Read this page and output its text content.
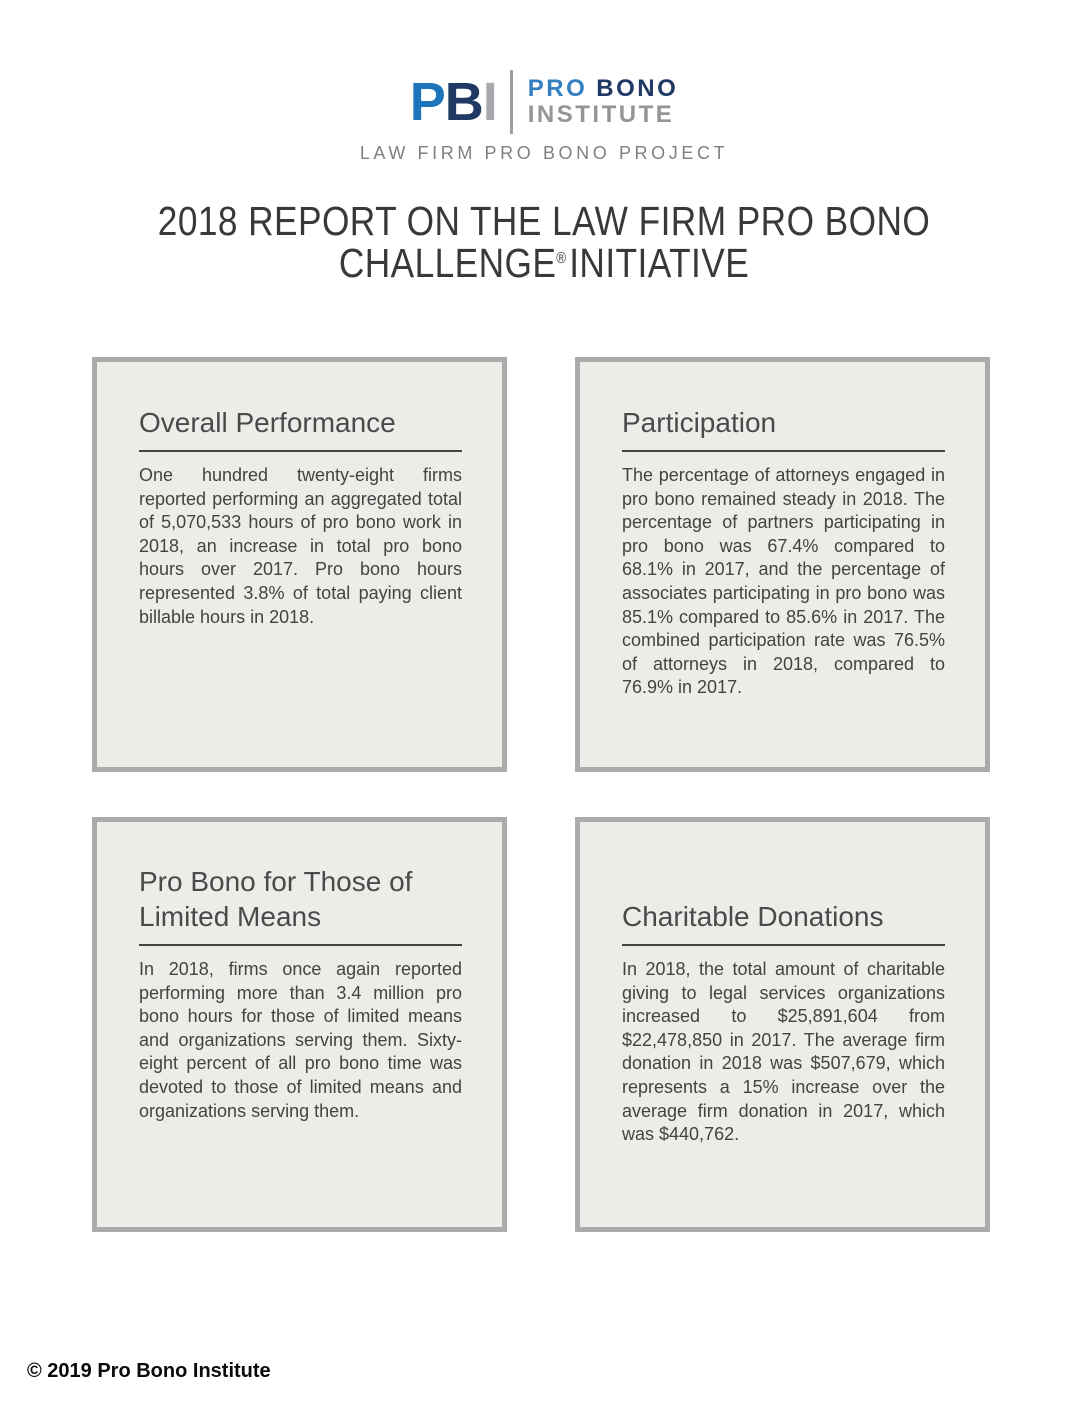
PBI PRO BONO
INSTITUTE
LAW FIRM PRO BONO PROJECT
2018 REPORT ON THE LAW FIRM PRO BONO
CHALLENGE®INITIATIVE
Overall Performance

One hundred twenty-eight firms reported performing an aggregated total of 5,070,533 hours of pro bono work in 2018, an increase in total pro bono hours over 2017. Pro bono hours represented 3.8% of total paying client billable hours in 2018.

Participation

The percentage of attorneys engaged in pro bono remained steady in 2018. The percentage of partners participating in pro bono was 67.4% compared to 68.1% in 2017, and the percentage of associates participating in pro bono was 85.1% compared to 85.6% in 2017. The combined participation rate was 76.5% of attorneys in 2018, compared to 76.9% in 2017.

Pro Bono for Those of Limited Means

In 2018, firms once again reported performing more than 3.4 million pro bono hours for those of limited means and organizations serving them. Sixty-eight percent of all pro bono time was devoted to those of limited means and organizations serving them.

Charitable Donations

In 2018, the total amount of charitable giving to legal services organizations increased to $25,891,604 from $22,478,850 in 2017. The average firm donation in 2018 was $507,679, which represents a 15% increase over the average firm donation in 2017, which was $440,762.

© 2019 Pro Bono Institute
